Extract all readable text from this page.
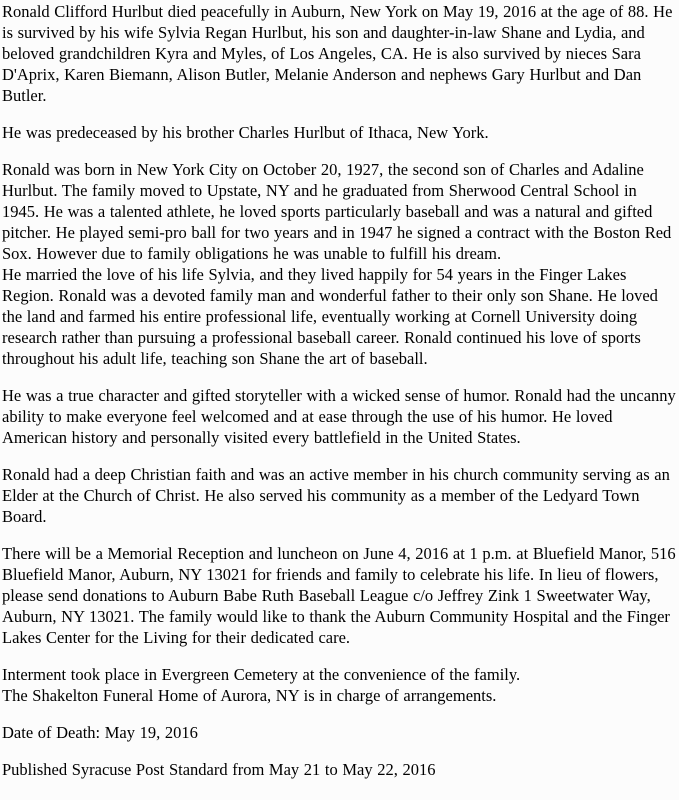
Ronald Clifford Hurlbut died peacefully in Auburn, New York on May 19, 2016 at the age of 88. He is survived by his wife Sylvia Regan Hurlbut, his son and daughter-in-law Shane and Lydia, and beloved grandchildren Kyra and Myles, of Los Angeles, CA. He is also survived by nieces Sara D'Aprix, Karen Biemann, Alison Butler, Melanie Anderson and nephews Gary Hurlbut and Dan Butler.

He was predeceased by his brother Charles Hurlbut of Ithaca, New York.

Ronald was born in New York City on October 20, 1927, the second son of Charles and Adaline Hurlbut. The family moved to Upstate, NY and he graduated from Sherwood Central School in 1945. He was a talented athlete, he loved sports particularly baseball and was a natural and gifted pitcher. He played semi-pro ball for two years and in 1947 he signed a contract with the Boston Red Sox. However due to family obligations he was unable to fulfill his dream.
He married the love of his life Sylvia, and they lived happily for 54 years in the Finger Lakes Region. Ronald was a devoted family man and wonderful father to their only son Shane. He loved the land and farmed his entire professional life, eventually working at Cornell University doing research rather than pursuing a professional baseball career. Ronald continued his love of sports throughout his adult life, teaching son Shane the art of baseball.

He was a true character and gifted storyteller with a wicked sense of humor. Ronald had the uncanny ability to make everyone feel welcomed and at ease through the use of his humor. He loved American history and personally visited every battlefield in the United States.

Ronald had a deep Christian faith and was an active member in his church community serving as an Elder at the Church of Christ. He also served his community as a member of the Ledyard Town Board.

There will be a Memorial Reception and luncheon on June 4, 2016 at 1 p.m. at Bluefield Manor, 516 Bluefield Manor, Auburn, NY 13021 for friends and family to celebrate his life. In lieu of flowers, please send donations to Auburn Babe Ruth Baseball League c/o Jeffrey Zink 1 Sweetwater Way, Auburn, NY 13021. The family would like to thank the Auburn Community Hospital and the Finger Lakes Center for the Living for their dedicated care.

Interment took place in Evergreen Cemetery at the convenience of the family.
The Shakelton Funeral Home of Aurora, NY is in charge of arrangements.

Date of Death: May 19, 2016

Published Syracuse Post Standard from May 21 to May 22, 2016
